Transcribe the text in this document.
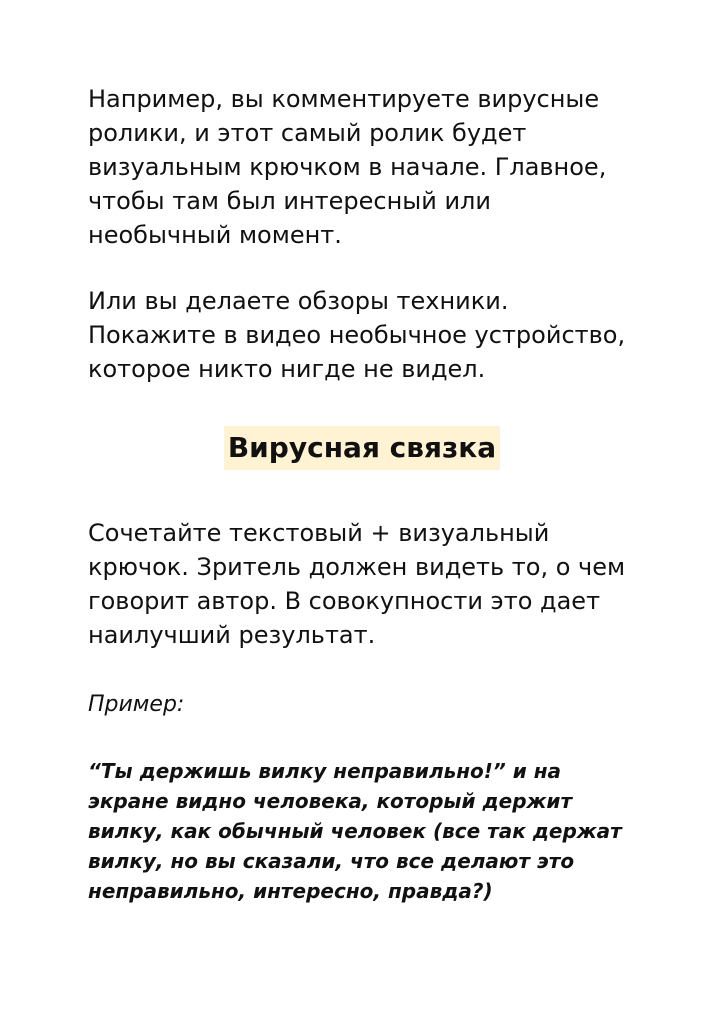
Например, вы комментируете вирусные
ролики, и этот самый ролик будет
визуальным крючком в начале. Главное,
чтобы там был интересный или
необычный момент.

Или вы делаете обзоры техники.
Покажите в видео необычное устройство,
которое никто нигде не видел.

Вирусная связка

Сочетайте текстовый + визуальный
крючок. Зритель должен видеть то, о чем
говорит автор. В совокупности это дает
наилучший результат.

Пример:

“Ты держишь вилку неправильно!” и на
экране видно человека, который держит
вилку, как обычный человек (все так держат
вилку, но вы сказали, что все делают это
неправильно, интересно, правда?)
